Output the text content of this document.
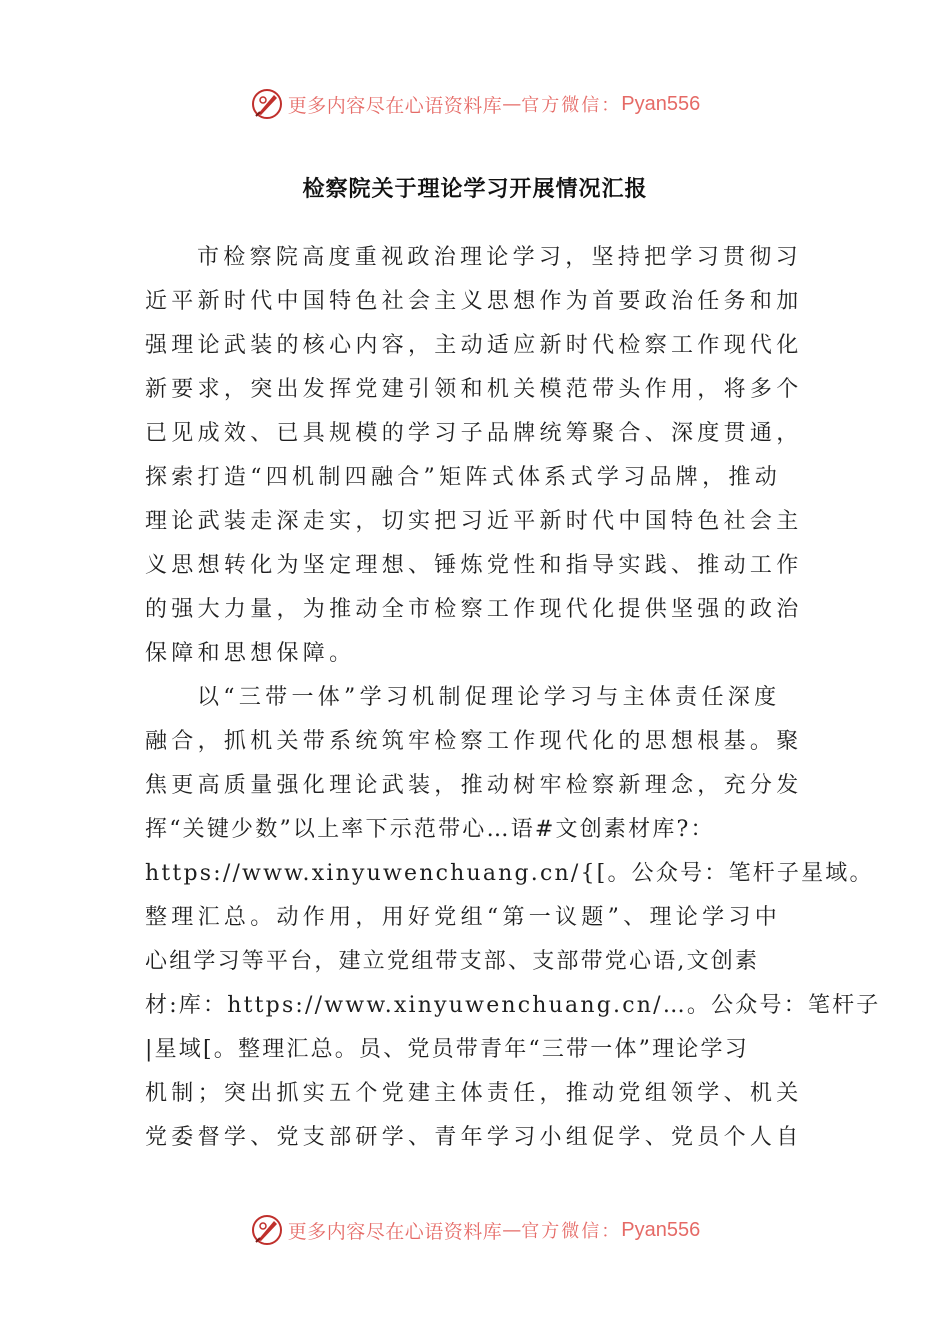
更多内容尽在心语资料库 — 官方微信： Pyan556
检察院关于理论学习开展情况汇报
市检察院高度重视政治理论学习，坚持把学习贯彻习
近平新时代中国特色社会主义思想作为首要政治任务和加
强理论武装的核心内容，主动适应新时代检察工作现代化
新要求，突出发挥党建引领和机关模范带头作用，将多个
已见成效、已具规模的学习子品牌统筹聚合、深度贯通，
探索打造“四机制四融合”矩阵式体系式学习品牌，推动
理论武装走深走实，切实把习近平新时代中国特色社会主
义思想转化为坚定理想、锤炼党性和指导实践、推动工作
的强大力量，为推动全市检察工作现代化提供坚强的政治
保障和思想保障。
以“三带一体”学习机制促理论学习与主体责任深度
融合，抓机关带系统筑牢检察工作现代化的思想根基。聚
焦更高质量强化理论武装，推动树牢检察新理念，充分发
挥“关键少数”以上率下示范带心…语#文创素材库?：
https://www.xinyuwenchuang.cn/{[。公众号：笔杆子星域。
整理汇总。动作用，用好党组“第一议题”、理论学习中
心组学习等平台，建立党组带支部、支部带党心语,文创素
材:库：https://www.xinyuwenchuang.cn/…。公众号：笔杆子
|星域[。整理汇总。员、党员带青年“三带一体”理论学习
机制；突出抓实五个党建主体责任，推动党组领学、机关
党委督学、党支部研学、青年学习小组促学、党员个人自
更多内容尽在心语资料库 — 官方微信： Pyan556
